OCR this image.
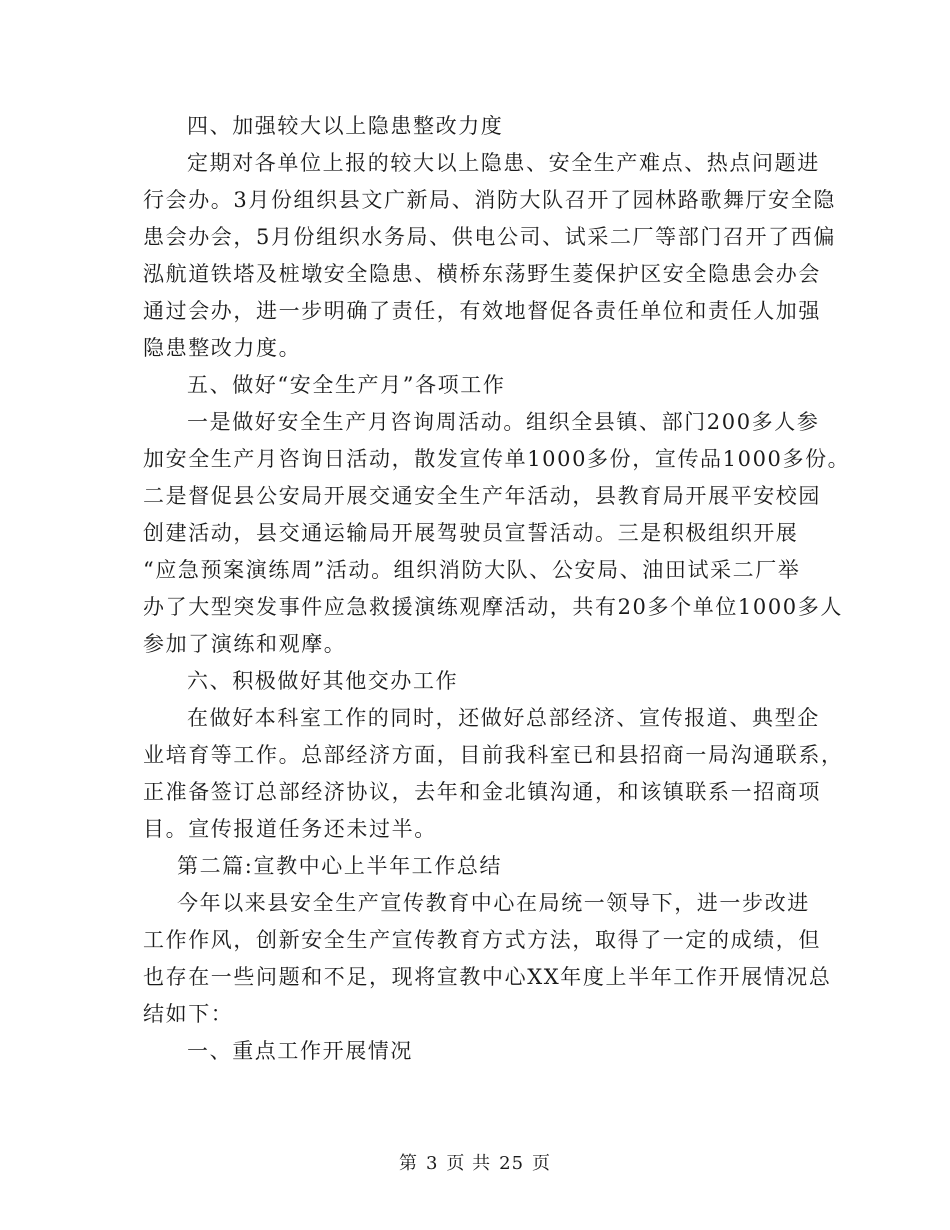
四、加强较大以上隐患整改力度
定期对各单位上报的较大以上隐患、安全生产难点、热点问题进
行会办。3月份组织县文广新局、消防大队召开了园林路歌舞厅安全隐
患会办会，5月份组织水务局、供电公司、试采二厂等部门召开了西偏
泓航道铁塔及桩墩安全隐患、横桥东荡野生菱保护区安全隐患会办会
通过会办，进一步明确了责任，有效地督促各责任单位和责任人加强
隐患整改力度。
五、做好“安全生产月”各项工作
一是做好安全生产月咨询周活动。组织全县镇、部门200多人参
加安全生产月咨询日活动，散发宣传单1000多份，宣传品1000多份。
二是督促县公安局开展交通安全生产年活动，县教育局开展平安校园
创建活动，县交通运输局开展驾驶员宣誓活动。三是积极组织开展
“应急预案演练周”活动。组织消防大队、公安局、油田试采二厂举
办了大型突发事件应急救援演练观摩活动，共有20多个单位1000多人
参加了演练和观摩。
六、积极做好其他交办工作
在做好本科室工作的同时，还做好总部经济、宣传报道、典型企
业培育等工作。总部经济方面，目前我科室已和县招商一局沟通联系，
正准备签订总部经济协议，去年和金北镇沟通，和该镇联系一招商项
目。宣传报道任务还未过半。
第二篇:宣教中心上半年工作总结
今年以来县安全生产宣传教育中心在局统一领导下，进一步改进
工作作风，创新安全生产宣传教育方式方法，取得了一定的成绩，但
也存在一些问题和不足，现将宣教中心XX年度上半年工作开展情况总
结如下：
一、重点工作开展情况
第 3 页 共 25 页
